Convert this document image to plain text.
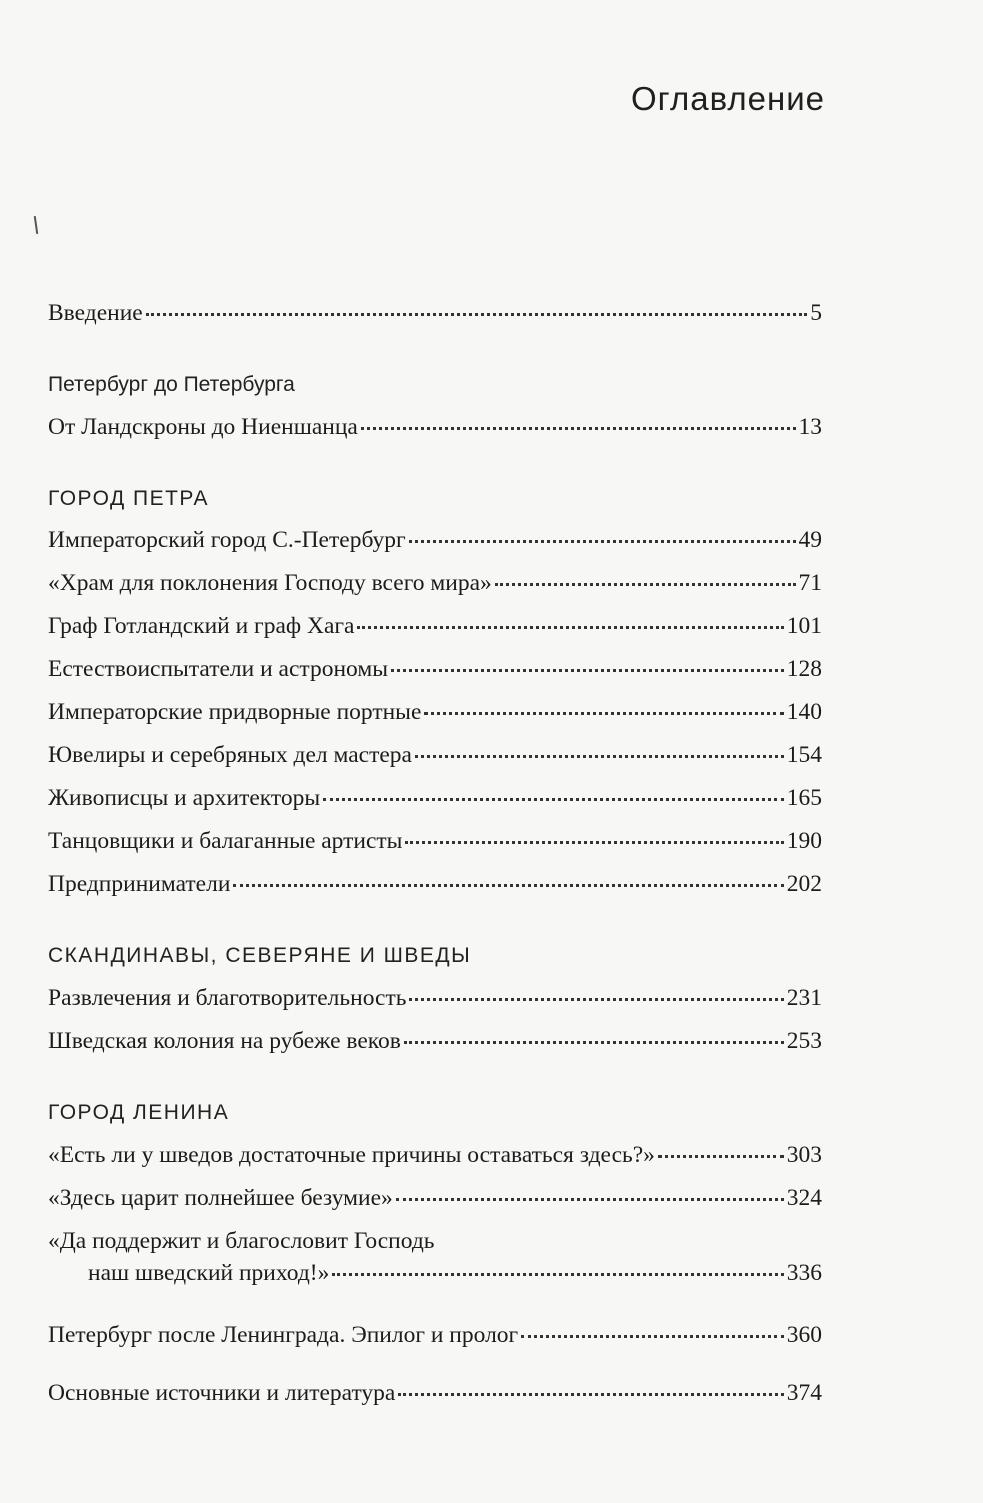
Оглавление
Введение	5
Петербург до Петербурга
От Ландскроны до Ниеншанца	13
ГОРОД ПЕТРА
Императорский город С.-Петербург	49
«Храм для поклонения Господу всего мира»	71
Граф Готландский и граф Хага	101
Естествоиспытатели и астрономы	128
Императорские придворные портные	140
Ювелиры и серебряных дел мастера	154
Живописцы и архитекторы	165
Танцовщики и балаганные артисты	190
Предприниматели	202
СКАНДИНАВЫ, СЕВЕРЯНЕ И ШВЕДЫ
Развлечения и благотворительность	231
Шведская колония на рубеже веков	253
ГОРОД ЛЕНИНА
«Есть ли у шведов достаточные причины оставаться здесь?»	303
«Здесь царит полнейшее безумие»	324
«Да поддержит и благословит Господь
наш шведский приход!»	336
Петербург после Ленинграда. Эпилог и пролог	360
Основные источники и литература	374
